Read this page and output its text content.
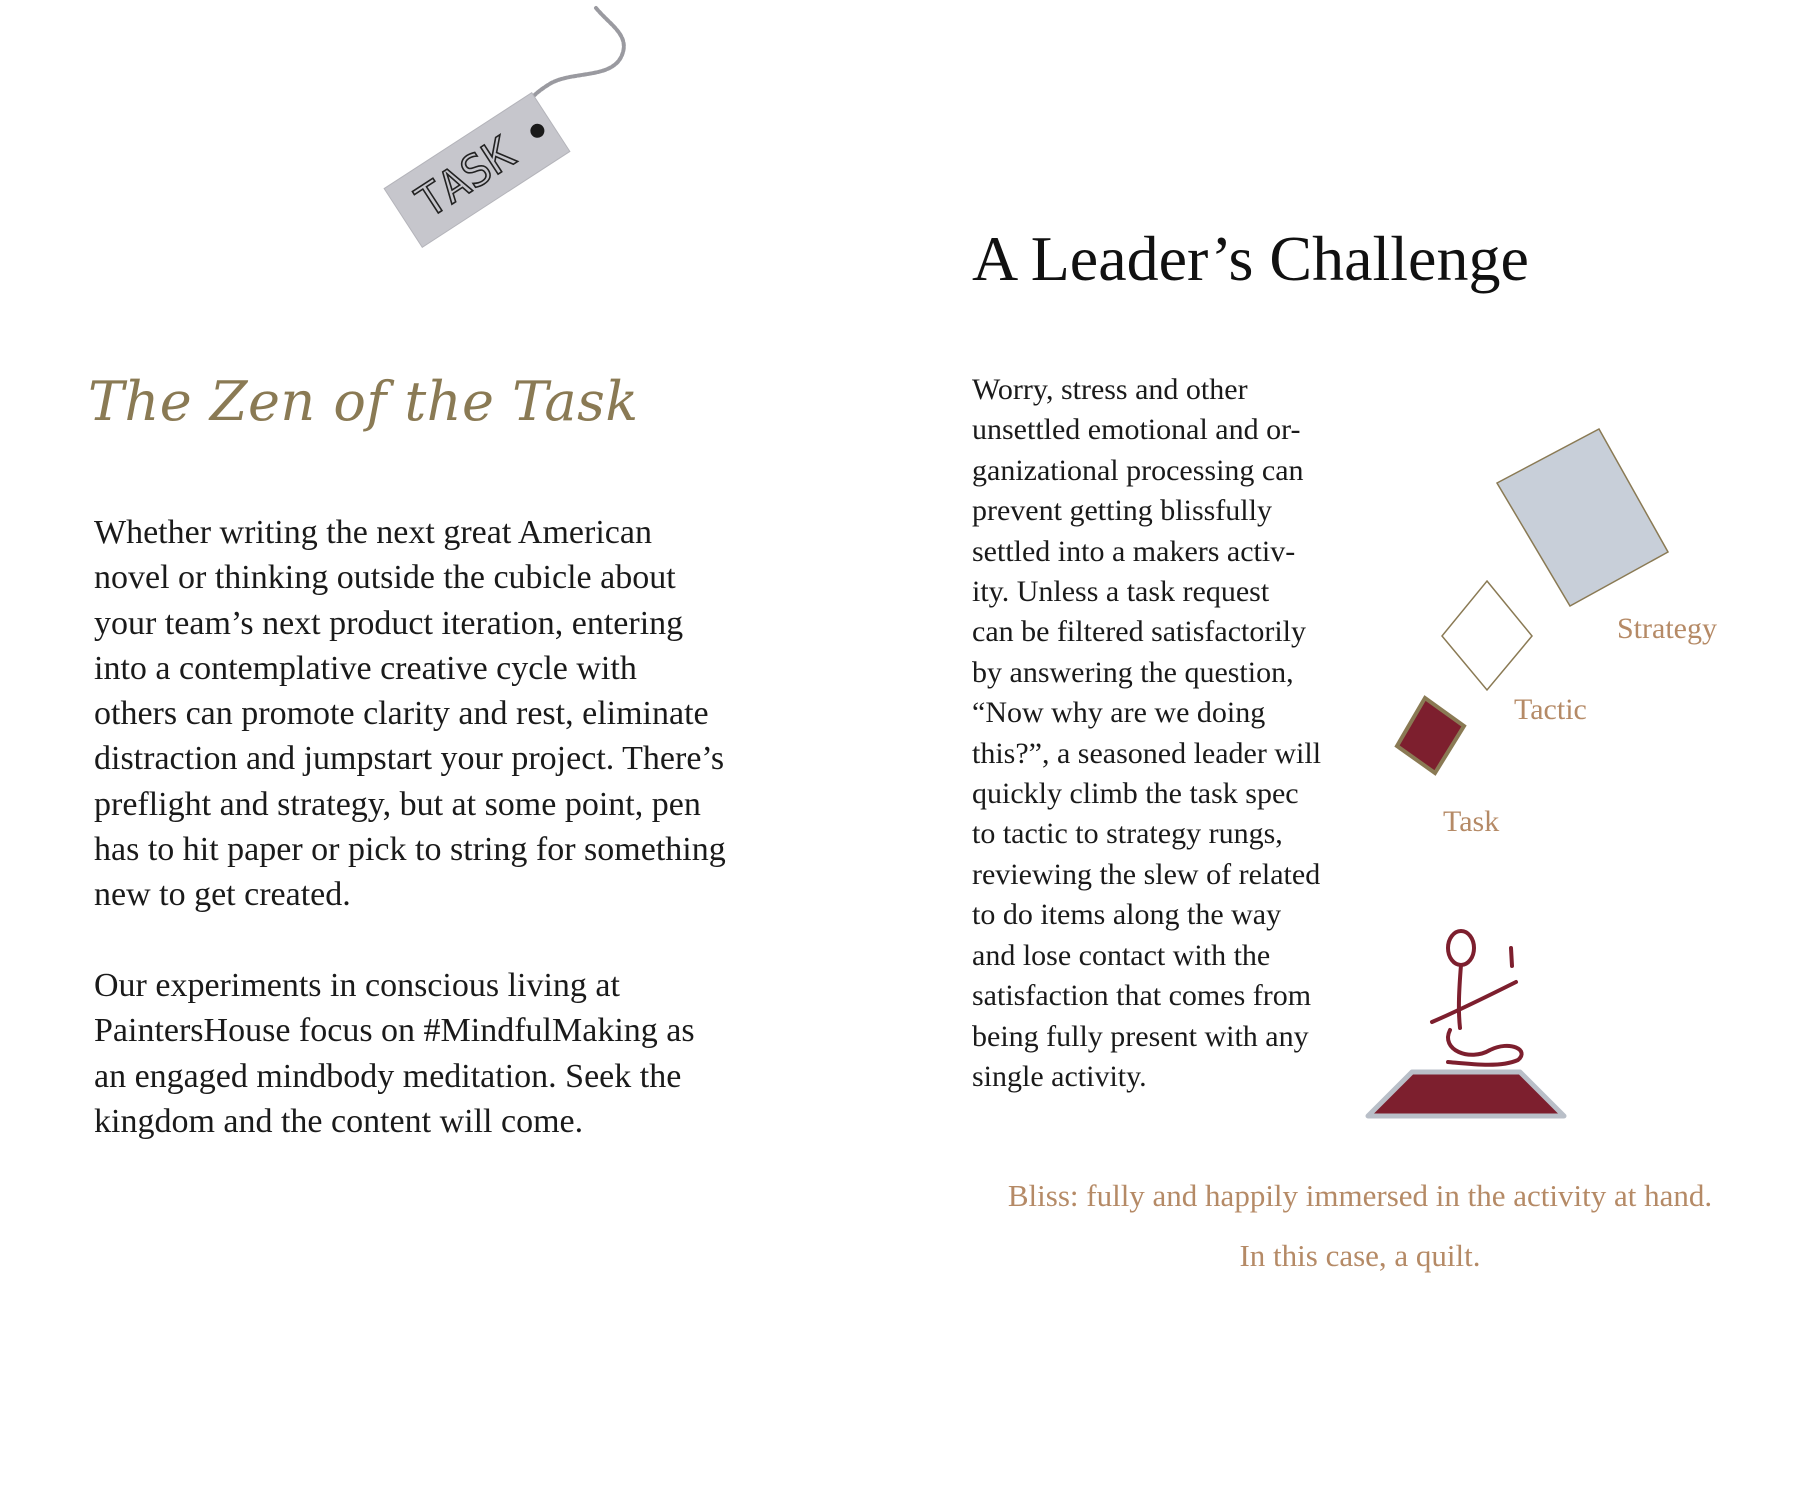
TASK
The Zen of the Task

Whether writing the next great American
novel or thinking outside the cubicle about
your team’s next product iteration, entering
into a contemplative creative cycle with
others can promote clarity and rest, eliminate
distraction and jumpstart your project. There’s
preflight and strategy, but at some point, pen
has to hit paper or pick to string for something
new to get created.

Our experiments in conscious living at
PaintersHouse focus on #MindfulMaking as
an engaged mindbody meditation. Seek the
kingdom and the content will come.

A Leader’s Challenge

Worry, stress and other
unsettled emotional and or-
ganizational processing can
prevent getting blissfully
settled into a makers activ-
ity. Unless a task request
can be filtered satisfactorily
by answering the question,
“Now why are we doing
this?”, a seasoned leader will
quickly climb the task spec
to tactic to strategy rungs,
reviewing the slew of related
to do items along the way
and lose contact with the
satisfaction that comes from
being fully present with any
single activity.

Strategy

Tactic

Task

Bliss: fully and happily immersed in the activity at hand.

In this case, a quilt.
